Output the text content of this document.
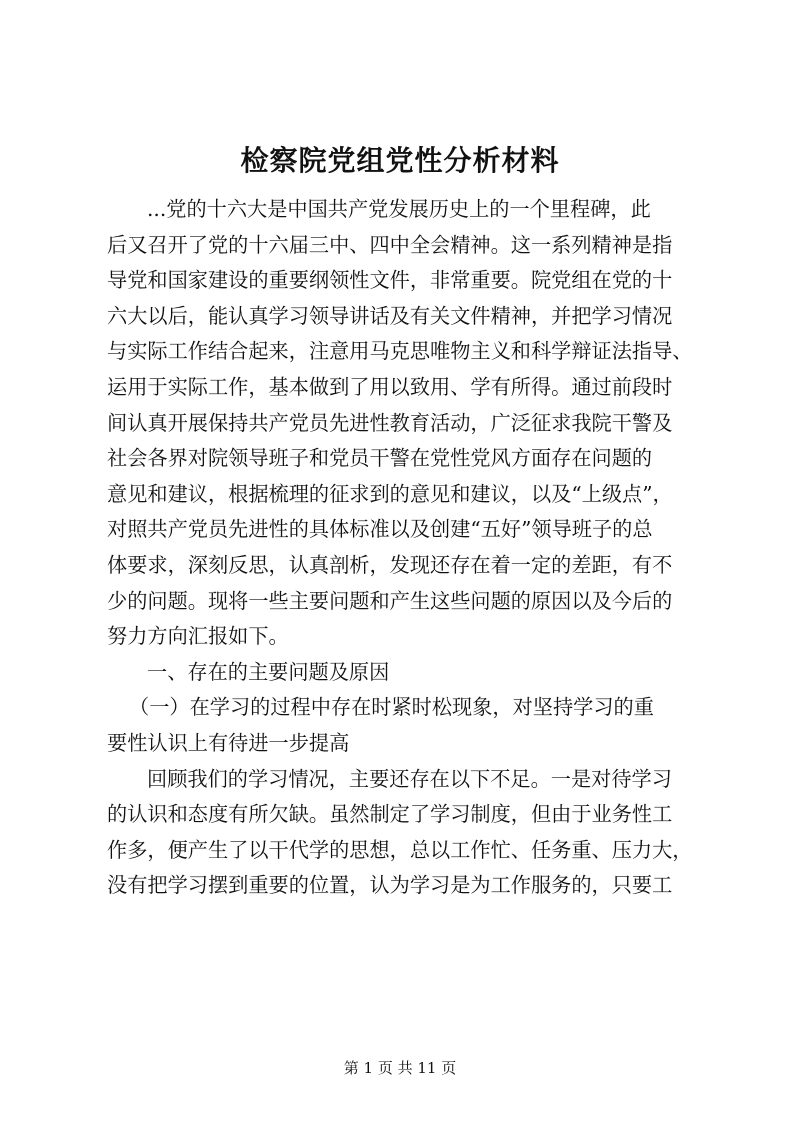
检察院党组党性分析材料
...党的十六大是中国共产党发展历史上的一个里程碑，此
后又召开了党的十六届三中、四中全会精神。这一系列精神是指
导党和国家建设的重要纲领性文件，非常重要。院党组在党的十
六大以后，能认真学习领导讲话及有关文件精神，并把学习情况
与实际工作结合起来，注意用马克思唯物主义和科学辩证法指导、
运用于实际工作，基本做到了用以致用、学有所得。通过前段时
间认真开展保持共产党员先进性教育活动，广泛征求我院干警及
社会各界对院领导班子和党员干警在党性党风方面存在问题的
意见和建议，根据梳理的征求到的意见和建议，以及“上级点”，
对照共产党员先进性的具体标准以及创建“五好”领导班子的总
体要求，深刻反思，认真剖析，发现还存在着一定的差距，有不
少的问题。现将一些主要问题和产生这些问题的原因以及今后的
努力方向汇报如下。
一、存在的主要问题及原因
（一）在学习的过程中存在时紧时松现象，对坚持学习的重
要性认识上有待进一步提高
回顾我们的学习情况，主要还存在以下不足。一是对待学习
的认识和态度有所欠缺。虽然制定了学习制度，但由于业务性工
作多，便产生了以干代学的思想，总以工作忙、任务重、压力大，
没有把学习摆到重要的位置，认为学习是为工作服务的，只要工
第 1 页 共 11 页
